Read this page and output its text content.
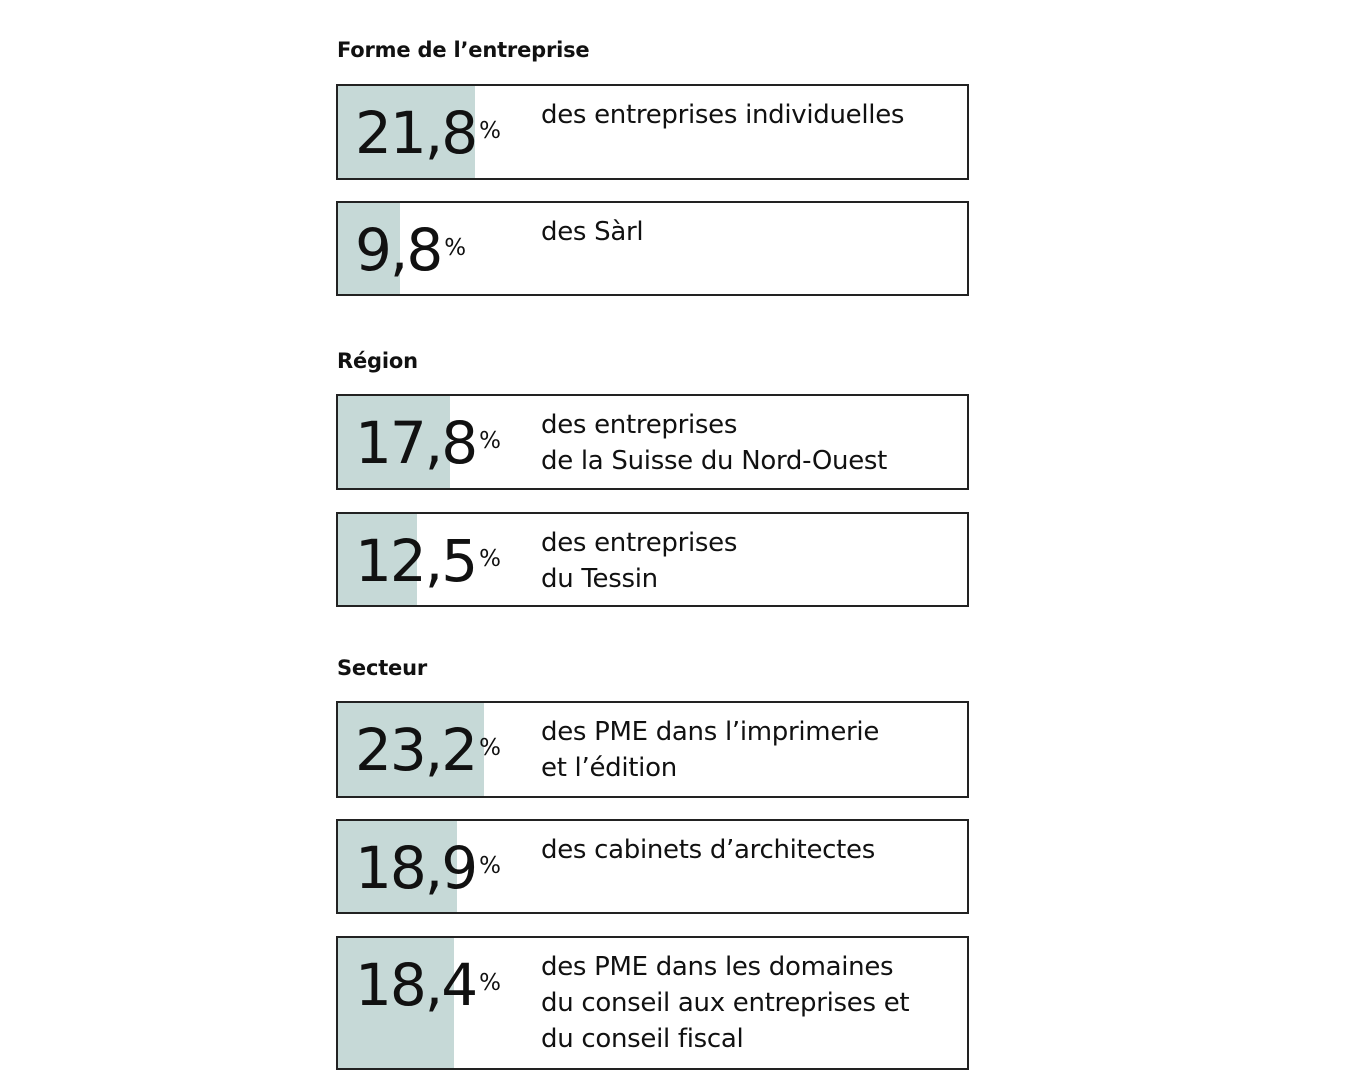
Forme de l’entreprise
Région
Secteur
21,8 %
des entreprises individuelles
9,8 %
des Sàrl
17,8 %
des entreprises
de la Suisse du Nord-Ouest
12,5 %
des entreprises
du Tessin
23,2 %
des PME dans l’imprimerie
et l’édition
18,9 %
des cabinets d’architectes
18,4 %
des PME dans les domaines
du conseil aux entreprises et
du conseil fiscal
